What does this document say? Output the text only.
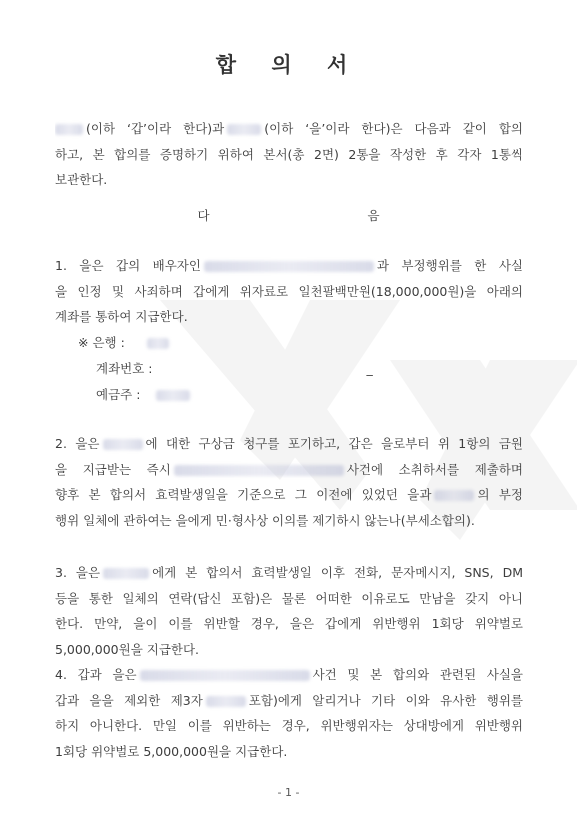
합 의 서
(이하 ‘갑’이라 한다)과	(이하 ‘을’이라 한다)은 다음과 같이 합의
하고, 본 합의를 증명하기 위하여 본서(총 2면) 2통을 작성한 후 각자 1통씩
보관한다.
다	음
1. 을은 갑의 배우자인	과 부정행위를 한 사실
을 인정 및 사죄하며 갑에게 위자료로 일천팔백만원(18,000,000원)을 아래의
계좌를 통하여 지급한다.
※ 은행 :
계좌번호 :	_
예금주 :
2. 을은	에 대한 구상금 청구를 포기하고, 갑은 을로부터 위 1항의 금원
을 지급받는 즉시	사건에 소취하서를 제출하며
향후 본 합의서 효력발생일을 기준으로 그 이전에 있었던 을과	의 부정
행위 일체에 관하여는 을에게 민·형사상 이의를 제기하시 않는나(부세소합의).
3. 을은	에게 본 합의서 효력발생일 이후 전화, 문자메시지, SNS, DM
등을 통한 일체의 연락(답신 포함)은 물론 어떠한 이유로도 만남을 갖지 아니
한다. 만약, 을이 이를 위반할 경우, 을은 갑에게 위반행위 1회당 위약벌로
5,000,000원을 지급한다.
4. 갑과 을은	사건 및 본 합의와 관련된 사실을
갑과 을을 제외한 제3자	포함)에게 알리거나 기타 이와 유사한 행위를
하지 아니한다. 만일 이를 위반하는 경우, 위반행위자는 상대방에게 위반행위
1회당 위약벌로 5,000,000원을 지급한다.
- 1 -
